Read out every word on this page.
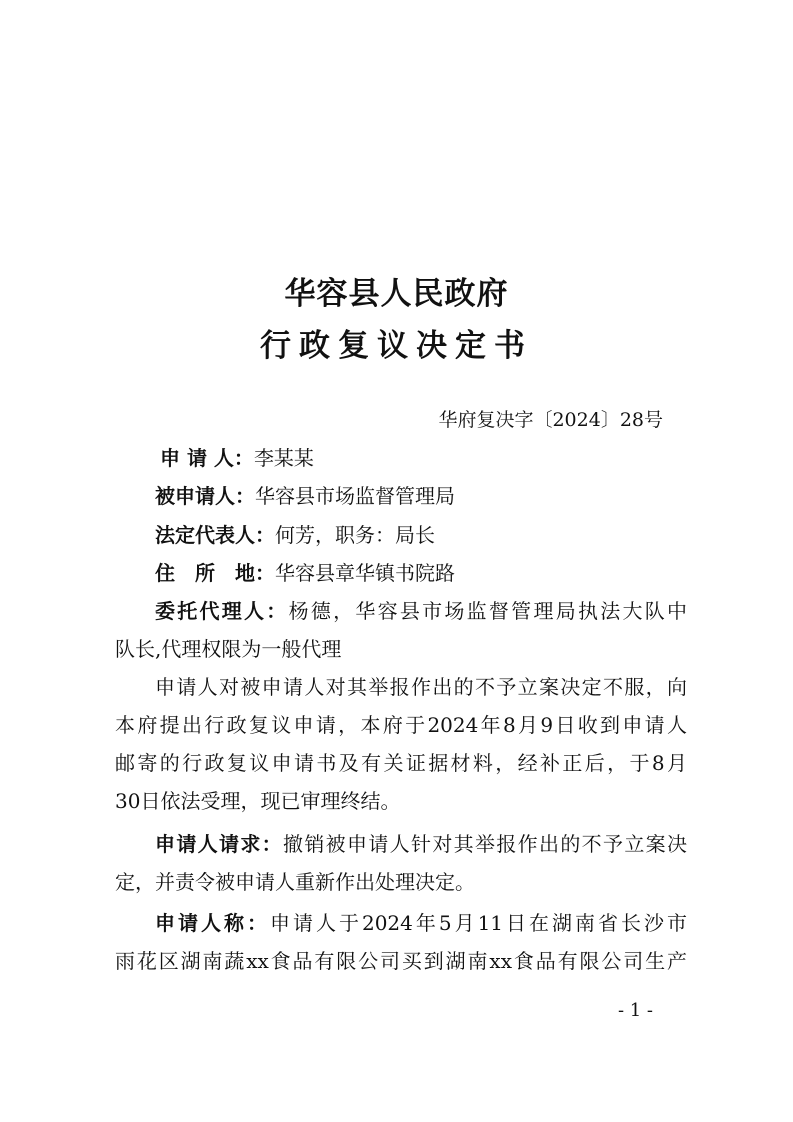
华容县人民政府
行政复议决定书

华府复决字〔2024〕28号

申 请 人：李某某

被申请人：华容县市场监督管理局

法定代表人：何芳，职务：局长

住　所　地：华容县章华镇书院路

委托代理人：杨德，华容县市场监督管理局执法大队中

队长,代理权限为一般代理

申请人对被申请人对其举报作出的不予立案决定不服，向

本府提出行政复议申请，本府于2024年8月9日收到申请人

邮寄的行政复议申请书及有关证据材料，经补正后，于8月

30日依法受理，现已审理终结。

申请人请求：撤销被申请人针对其举报作出的不予立案决

定，并责令被申请人重新作出处理决定。

申请人称：申请人于2024年5月11日在湖南省长沙市

雨花区湖南蔬xx食品有限公司买到湖南xx食品有限公司生产

- 1 -
